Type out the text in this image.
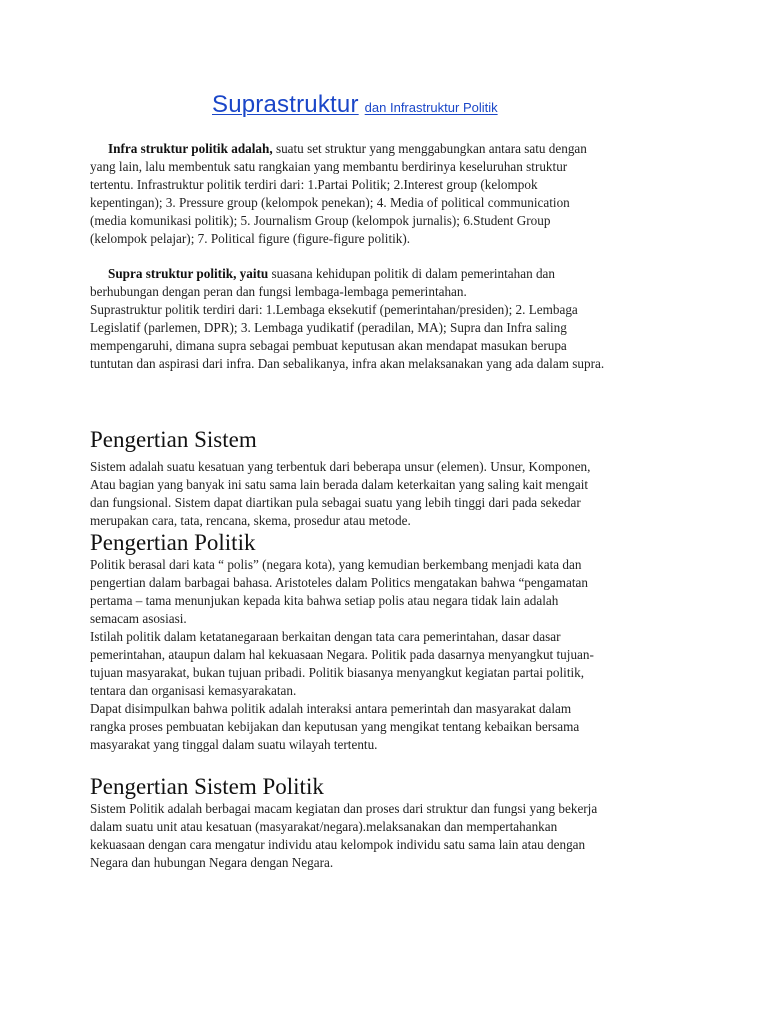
Suprastruktur dan Infrastruktur Politik

Infra struktur politik adalah, suatu set struktur yang menggabungkan antara satu dengan
yang lain, lalu membentuk satu rangkaian yang membantu berdirinya keseluruhan struktur
tertentu. Infrastruktur politik terdiri dari: 1.Partai Politik; 2.Interest group (kelompok
kepentingan); 3. Pressure group (kelompok penekan); 4. Media of political communication
(media komunikasi politik); 5. Journalism Group (kelompok jurnalis); 6.Student Group
(kelompok pelajar); 7. Political figure (figure-figure politik).

Supra struktur politik, yaitu suasana kehidupan politik di dalam pemerintahan dan
berhubungan dengan peran dan fungsi lembaga-lembaga pemerintahan.
Suprastruktur politik terdiri dari: 1.Lembaga eksekutif (pemerintahan/presiden); 2. Lembaga
Legislatif (parlemen, DPR); 3. Lembaga yudikatif (peradilan, MA); Supra dan Infra saling
mempengaruhi, dimana supra sebagai pembuat keputusan akan mendapat masukan berupa
tuntutan dan aspirasi dari infra. Dan sebalikanya, infra akan melaksanakan yang ada dalam supra.

Pengertian Sistem

Sistem adalah suatu kesatuan yang terbentuk dari beberapa unsur (elemen). Unsur, Komponen,
Atau bagian yang banyak ini satu sama lain berada dalam keterkaitan yang saling kait mengait
dan fungsional. Sistem dapat diartikan pula sebagai suatu yang lebih tinggi dari pada sekedar
merupakan cara, tata, rencana, skema, prosedur atau metode.

Pengertian Politik

Politik berasal dari kata “ polis” (negara kota), yang kemudian berkembang menjadi kata dan
pengertian dalam barbagai bahasa. Aristoteles dalam Politics mengatakan bahwa “pengamatan
pertama – tama menunjukan kepada kita bahwa setiap polis atau negara tidak lain adalah
semacam asosiasi.
Istilah politik dalam ketatanegaraan berkaitan dengan tata cara pemerintahan, dasar dasar
pemerintahan, ataupun dalam hal kekuasaan Negara. Politik pada dasarnya menyangkut tujuan-
tujuan masyarakat, bukan tujuan pribadi. Politik biasanya menyangkut kegiatan partai politik,
tentara dan organisasi kemasyarakatan.
Dapat disimpulkan bahwa politik adalah interaksi antara pemerintah dan masyarakat dalam
rangka proses pembuatan kebijakan dan keputusan yang mengikat tentang kebaikan bersama
masyarakat yang tinggal dalam suatu wilayah tertentu.

Pengertian Sistem Politik

Sistem Politik adalah berbagai macam kegiatan dan proses dari struktur dan fungsi yang bekerja
dalam suatu unit atau kesatuan (masyarakat/negara).melaksanakan dan mempertahankan
kekuasaan dengan cara mengatur individu atau kelompok individu satu sama lain atau dengan
Negara dan hubungan Negara dengan Negara.
